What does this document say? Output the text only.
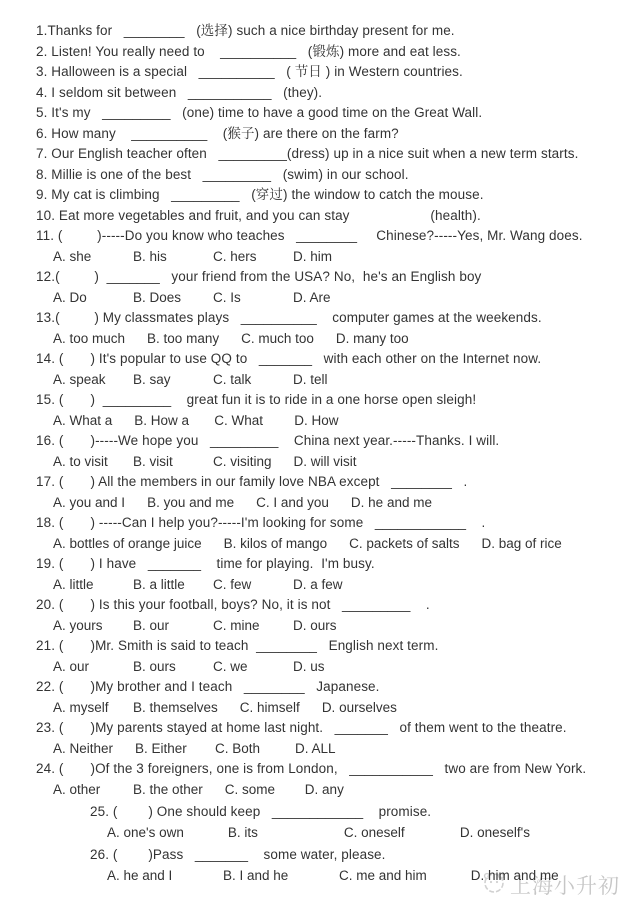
1.Thanks for   ________   (选择) such a nice birthday present for me.
2. Listen! You really need to    __________   (锻炼) more and eat less.
3. Halloween is a special   __________   ( 节日 ) in Western countries.
4. I seldom sit between   ___________   (they).
5. It's my   _________   (one) time to have a good time on the Great Wall.
6. How many    __________    (猴子) are there on the farm?
7. Our English teacher often   _________(dress) up in a nice suit when a new term starts.
8. Millie is one of the best   _________   (swim) in our school.
9. My cat is climbing   _________   (穿过) the window to catch the mouse.
10. Eat more vegetables and fruit, and you can stay                     (health).
11. (         )-----Do you know who teaches   ________     Chinese?-----Yes, Mr. Wang does.
A. she	B. his	C. hers	D. him
12.(         )  _______   your friend from the USA? No,  he's an English boy
A. Do	B. Does C. Is	D. Are
13.(         ) My classmates plays   __________    computer games at the weekends.
A. too much B. too many C. much too D. many too
14. (       ) It's popular to use QQ to   _______   with each other on the Internet now.
A. speak B. say	C. talk	D. tell
15. (       )  _________    great fun it is to ride in a one horse open sleigh!
A. What a B. How a C. What D. How
16. (       )-----We hope you   _________    China next year.-----Thanks. I will.
A. to visit B. visit	C. visiting D. will visit
17. (       ) All the members in our family love NBA except   ________   .
A. you and I B. you and me C. I and you D. he and me
18. (       ) -----Can I help you?-----I'm looking for some   ____________    .
A. bottles of orange juice B. kilos of mango C. packets of salts D. bag of rice
19. (       ) I have   _______    time for playing.  I'm busy.
A. little	B. a little C. few	D. a few
20. (       ) Is this your football, boys? No, it is not   _________    .
A. yours B. our	C. mine D. ours
21. (       )Mr. Smith is said to teach  ________   English next term.
A. our	B. ours	C. we	D. us
22. (       )My brother and I teach   ________   Japanese.
A. myself B. themselves C. himself D. ourselves
23. (       )My parents stayed at home last night.   _______   of them went to the theatre.
A. Neither B. Either C. Both	D. ALL
24. (       )Of the 3 foreigners, one is from London,   ___________   two are from New York.
A. other B. the other C. some D. any
25. (        ) One should keep   ____________    promise.
A. one's own	B. its	C. oneself	D. oneself's
26. (        )Pass   _______    some water, please.
A. he and I	B. I and he	C. me and him	D. him and me
上海小升初
